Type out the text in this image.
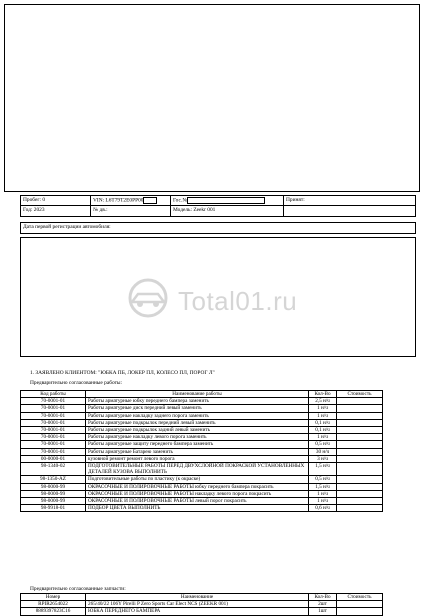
Пробег: 0	VIN: L6T79T2E0PP00	Гос.№	Принят:
Год: 2023	№ дв.:	Модель: Zeekr 001
Дата первой регистрации автомобиля:
Total01.ru
1. ЗАЯВЛЕНО КЛИЕНТОМ: "ЮБКА ПБ, ЛОКЕР ПЛ, КОЛЕСО ПЛ, ПОРОГ Л"
Предварительно согласованные работы:
Код работы	Наименование работы	Кол-Во	Стоимость
70-0001-01	Работы арматурные юбку переднего бампера заменить	2,5 н/ч	
70-0001-01	Работы арматурные диск передний левый заменить	1 н/ч	
70-0001-01	Работы арматурные накладку заднего порога заменить	1 н/ч	
70-0001-01	Работы арматурные подкрылок передний левый заменить	0,1 н/ч	
70-0001-01	Работы арматурные подкрылок задний левый заменить	0,1 н/ч	
70-0001-01	Работы арматурные накладку левого порога заменить	1 н/ч	
70-0001-01	Работы арматурные защиту переднего бампера заменить	0,5 н/ч	
70-0001-01	Работы арматурные Батарею заменить	30 н/ч	
00-0000-01	кузовной ремонт ремонт левого порога	3 н/ч	
98-1340-02	ПОДГОТОВИТЕЛЬНЫЕ РАБОТЫ ПЕРЕД ДВУХСЛОЙНОЙ ПОКРАСКОЙ УСТАНОВЛЕННЫХ ДЕТАЛЕЙ КУЗОВА ВЫПОЛНИТЬ	1,5 н/ч	
98-1350-AZ	Подготовительные работы по пластику (к окраске)	0,5 н/ч	
98-0000-99	ОКРАСОЧНЫЕ И ПОЛИРОВОЧНЫЕ РАБОТЫ юбку переднего бампера покрасить	1,5 н/ч	
98-0000-99	ОКРАСОЧНЫЕ И ПОЛИРОВОЧНЫЕ РАБОТЫ накладку левого порога покрасить	1 н/ч	
98-0000-99	ОКРАСОЧНЫЕ И ПОЛИРОВОЧНЫЕ РАБОТЫ левый порог покрасить	1 н/ч	
98-9918-01	ПОДБОР ЦВЕТА ВЫПОЛНИТЬ	0,6 н/ч	
Предварительно согласованные запчасти:
Номер	Наименование	Кол-Во	Стоимость
RPIR2654022	265/40/22 106Y Pirelli P Zero Sports Car Elect NCS (ZEEKR 001)	2шт	
8889397823C16	ЮБКА ПЕРЕДНЕГО БАМПЕРА	1шт	
